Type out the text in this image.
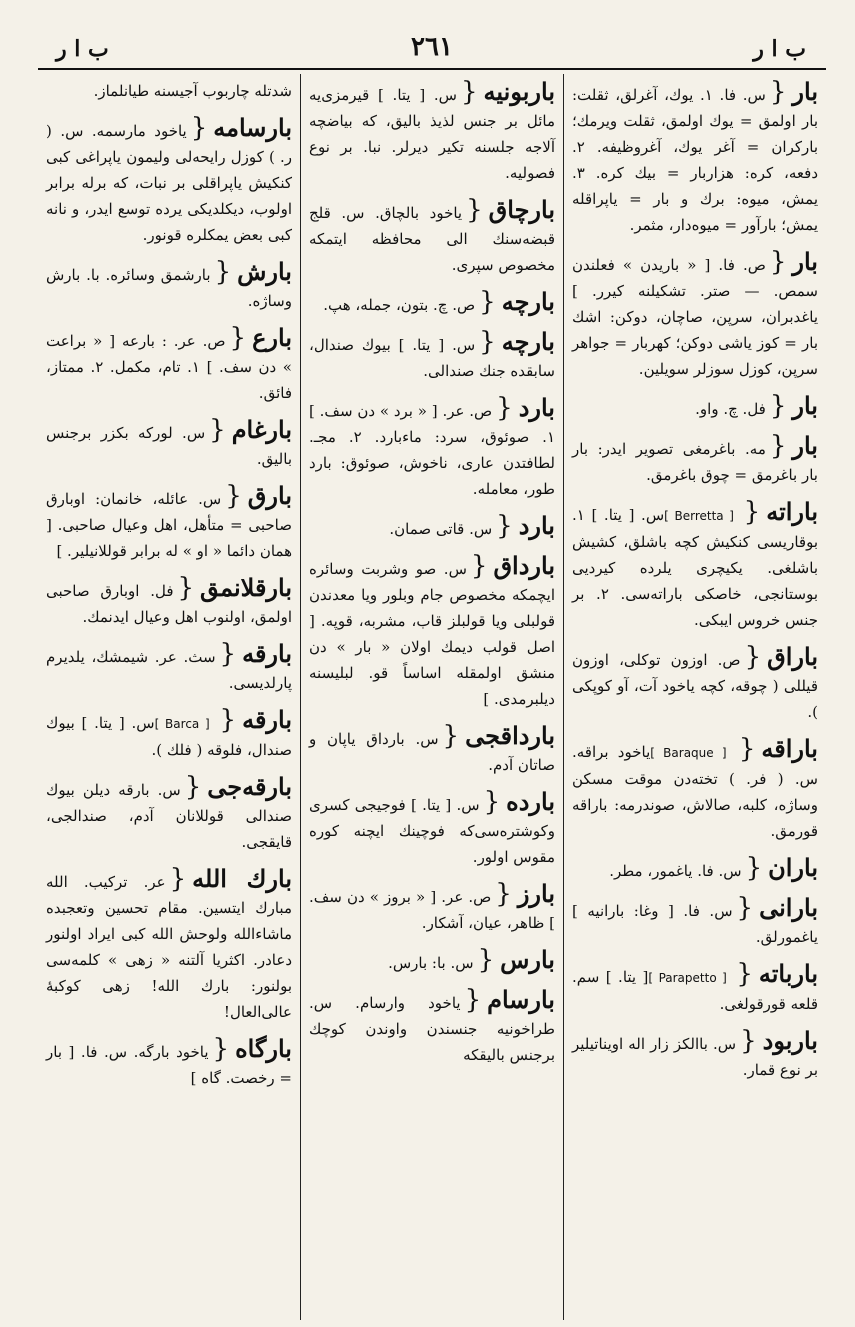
ب ا ر
٢٦١
ب ا ر
بار{س. فا. ١. يوك، آغرلق، ثقلت: بار اولمق = يوك اولمق، ثقلت ويرمك؛ باركران = آغر يوك، آغروظيفه. ٢. دفعه، كره: هزاربار = بيك كره. ٣. يمش، ميوه: برك و بار = ياپراقله يمش؛ بارآور = ميوه‌دار، مثمر.
بار{ص. فا. [ « باريدن » فعلندن سمص. — صتر. تشكيلنه كيرر. ] ياغدبران، سرپن، صاچان، دوكن: اشك بار = كوز ياشى دوكن؛ كهربار = جواهر سرپن، كوزل سوزلر سويلين.
بار{فل. چ. واو.
بار{مه. باغرمغی تصوير ايدر: بار بار باغرمق = چوق باغرمق.
باراته{[ Berretta ] س. [ يتا. ] ١. بوقاريسى كنكيش كچه باشلق، كشيش باشلغى. يكيچرى يلرده كيرديى بوستانجى، خاصكى باراته‌سى. ٢. بر جنس خروس ايبكى.
باراق{ص. اوزون توكلى، اوزون قيللى ( چوقه، كچه ياخود آت، آو كوپكى ).
باراقه{[ Baraque ] ياخود براقه. س. ( فر. ) تخته‌دن موقت مسكن وساژه، كلبه، صالاش، صوندرمه: باراقه قورمق.
باران{س. فا. ياغمور، مطر.
بارانى{س. فا. [ وغا: بارانيه ] ياغمورلق.
بارباته{[ Parapetto ] [ يتا. ] سم. قلعه قورقولغى.
باربود{س. باالكز زار اله اويناتيلير بر نوع قمار.
باربونيه{س. [ يتا. ] قيرمزى‌يه مائل بر جنس لذيذ باليق، كه بياضچه آلاجه جلسنه تكير ديرلر. نبا. بر نوع فصوليه.
بارچاق{ياخود بالچاق. س. قلج قبضه‌سنك الى محافظه ايتمكه مخصوص سپرى.
بارچه{ص. چ. بتون، جمله، هپ.
بارچه{س. [ يتا. ] بيوك صندال، سابقده جنك صندالى.
بارد{ص. عر. [ « برد » دن سف. ] ١. صوئوق، سرد: ماءبارد. ٢. مجـ. لطافتدن عارى، ناخوش، صوئوق: بارد طور، معامله.
بارد{س. قاتى صمان.
بارداق{س. صو وشربت وسائره ايچمكه مخصوص جام وبلور ويا معدندن قولبلى ويا قولبلز قاب، مشربه، قوپه. [ اصل قولب ديمك اولان « بار » دن منشق اولمقله اساساً قو. لبليسنه ديلبرمدى. ]
بارداقجى{س. بارداق ياپان و صاتان آدم.
بارده{س. [ يتا. ] فوجيجى كسرى وكوشتره‌سى‌كه فوچينك ايچنه كوره مقوس اولور.
بارز{ص. عر. [ « بروز » دن سف. ] ظاهر، عيان، آشكار.
بارس{س. با: بارس.
بارسام{ياخود وارسام. س. طراخونيه جنسندن واوندن كوچك برجنس باليقكه
شدتله چاربوب آجيسنه طيانلماز.
بارسامه{ياخود مارسمه. س. ( ر. ) كوزل رايحه‌لى وليمون ياپراغى كبى كنكيش ياپراقلى بر نبات، كه برله برابر اولوب، ديكلديكى يرده توسع ايدر، و نانه كبى بعض يمكلره قونور.
بارش{بارشمق وسائره. با. بارش وساژه.
بارع{ص. عر. : بارعه [ « براعت » دن سف. ] ١. تام، مكمل. ٢. ممتاز، فائق.
بارغام{س. لوركه بكزر برجنس باليق.
بارق{س. عائله، خانمان: اوبارق صاحبى = متأهل، اهل وعيال صاحبى. [ همان دائما « او » له برابر قوللانيلير. ]
بارقلانمق{فل. اوبارق صاحبى اولمق، اولنوب اهل وعيال ايدنمك.
بارقه{سث. عر. شيمشك، يلديرم پارلديسى.
بارقه{[ Barca ] س. [ يتا. ] بيوك صندال، فلوقه ( فلك ).
بارقه‌جى{س. بارقه ديلن بيوك صندالى قوللانان آدم، صندالجى، قايقجى.
بارك الله{عر. تركيب. الله مبارك ايتسين. مقام تحسين وتعجبده ماشاءالله ولوحش الله كبى ايراد اولنور دعادر. اكثريا آلتنه « زهى » كلمه‌سى بولنور: بارك الله! زهى كوكبهٔ عالى‌العال!
بارگاه{ياخود بارگه. س. فا. [ بار = رخصت. گاه ]
